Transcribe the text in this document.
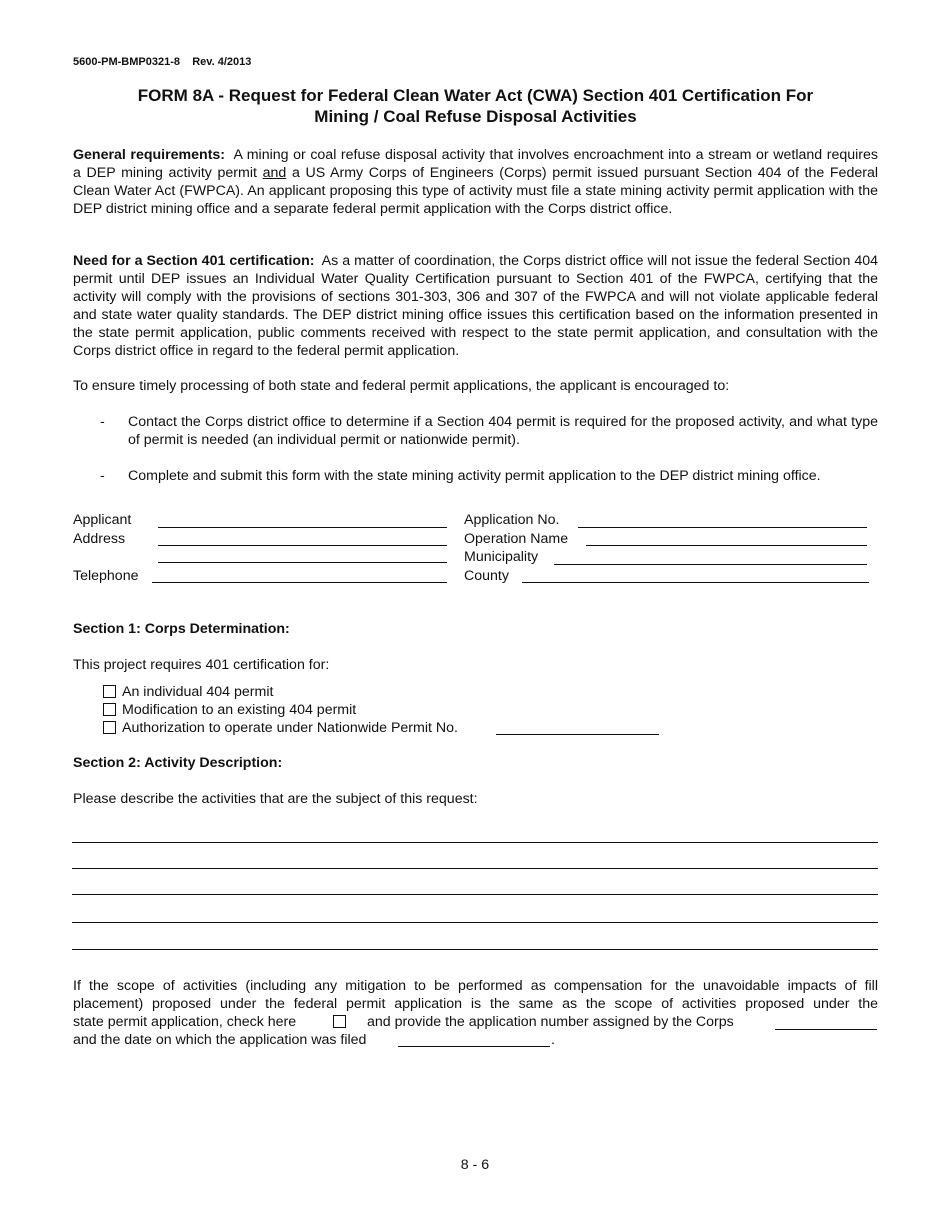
5600-PM-BMP0321-8 Rev. 4/2013
FORM 8A - Request for Federal Clean Water Act (CWA) Section 401 Certification For
Mining / Coal Refuse Disposal Activities
General requirements: A mining or coal refuse disposal activity that involves encroachment into a stream or wetland requires a DEP mining activity permit and a US Army Corps of Engineers (Corps) permit issued pursuant Section 404 of the Federal Clean Water Act (FWPCA). An applicant proposing this type of activity must file a state mining activity permit application with the DEP district mining office and a separate federal permit application with the Corps district office.
Need for a Section 401 certification: As a matter of coordination, the Corps district office will not issue the federal Section 404 permit until DEP issues an Individual Water Quality Certification pursuant to Section 401 of the FWPCA, certifying that the activity will comply with the provisions of sections 301-303, 306 and 307 of the FWPCA and will not violate applicable federal and state water quality standards. The DEP district mining office issues this certification based on the information presented in the state permit application, public comments received with respect to the state permit application, and consultation with the Corps district office in regard to the federal permit application.
To ensure timely processing of both state and federal permit applications, the applicant is encouraged to:
- Contact the Corps district office to determine if a Section 404 permit is required for the proposed activity, and what type of permit is needed (an individual permit or nationwide permit).
- Complete and submit this form with the state mining activity permit application to the DEP district mining office.
Applicant
Address
Telephone
Application No.
Operation Name
Municipality
County
Section 1: Corps Determination:
This project requires 401 certification for:
An individual 404 permit
Modification to an existing 404 permit
Authorization to operate under Nationwide Permit No.
Section 2: Activity Description:
Please describe the activities that are the subject of this request:
If the scope of activities (including any mitigation to be performed as compensation for the unavoidable impacts of fill
placement) proposed under the federal permit application is the same as the scope of activities proposed under the
state permit application, check here	and provide the application number assigned by the Corps
and the date on which the application was filed	.
8 - 6
